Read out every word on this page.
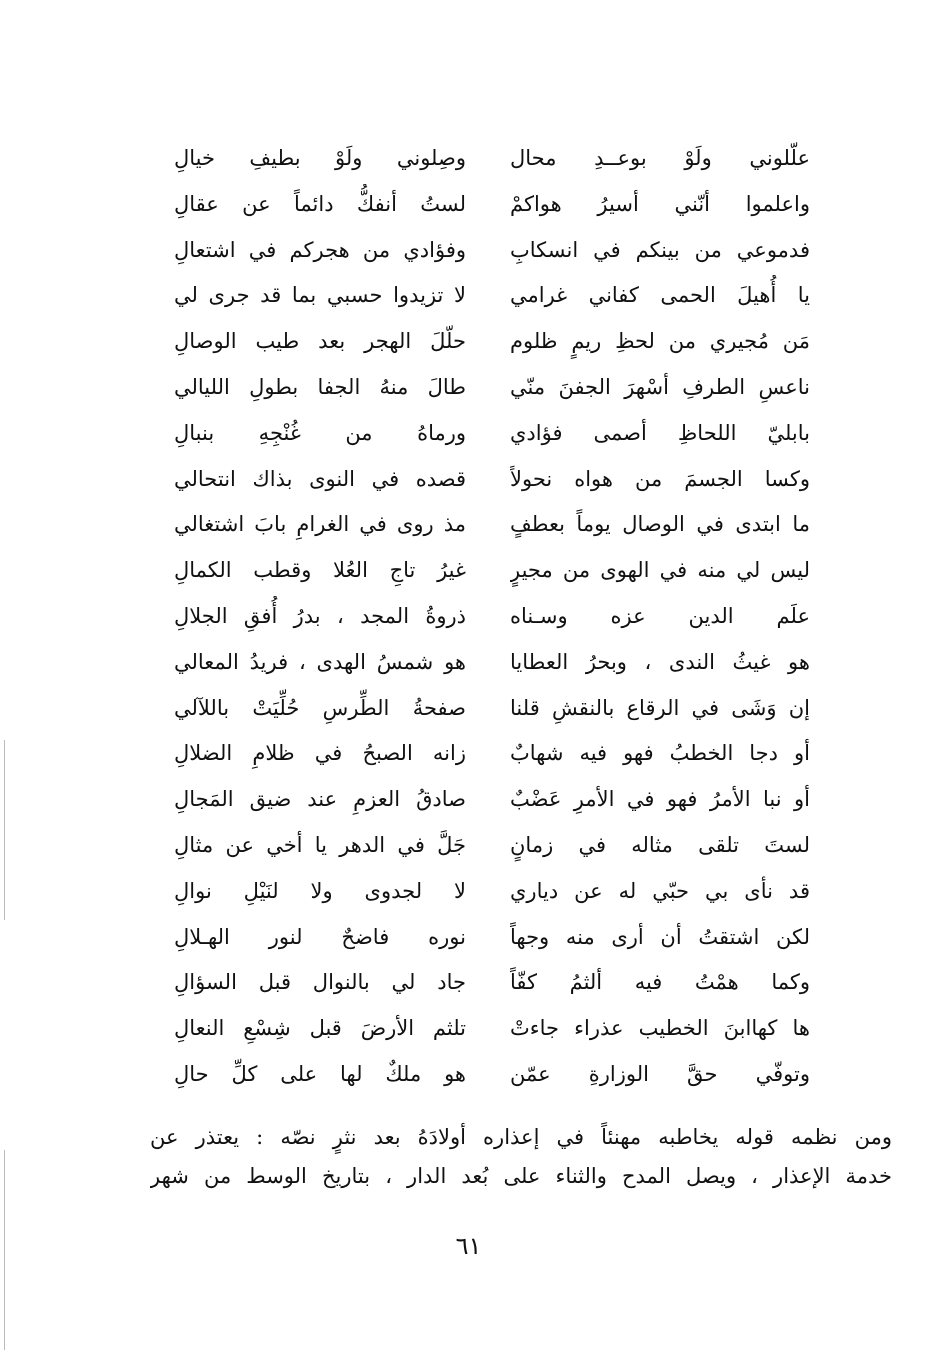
علّلوني ولَوْ بوعــدِ محال
وصِلوني ولَوْ بطيفِ خيالِ
واعلموا أنّني أسيرُ هواكمْ
لستُ أنفكُّ دائماً عن عقالِ
فدموعي من بينكم في انسكابِ
وفؤادي من هجركم في اشتعالِ
يا أُهيلَ الحمى كفاني غرامي
لا تزيدوا حسبي بما قد جرى لي
مَن مُجيري من لحظِ ريمٍ ظلوم
حلّلَ الهجر بعد طيب الوصالِ
ناعسِ الطرفِ أسْهرَ الجفنَ منّي
طالَ منهُ الجفا بطولِ الليالي
بابليّ اللحاظِ أصمى فؤادي
ورماهُ من غُنْجِهِ بنبالِ
وكسا الجسمَ من هواه نحولاً
قصده في النوى بذاك انتحالي
ما ابتدى في الوصال يوماً بعطفٍ
مذ روى في الغرامِ بابَ اشتغالي
ليس لي منه في الهوى من مجيرٍ
غيرُ تاجِ العُلا وقطب الكمالِ
علَم الدين عزه وسـناه
ذروةُ المجد ، بدرُ أُفقِ الجلالِ
هو غيثُ الندى ، وبحرُ العطايا
هو شمسُ الهدى ، فريدُ المعالي
إن وَشَى في الرقاع بالنقشِ قلنا
صفحةُ الطِّرسِ حُلِّيَتْ باللآلي
أو دجا الخطبُ فهو فيه شهابٌ
زانه الصبحُ في ظلامِ الضلالِ
أو نبا الأمرُ فهو في الأمرِ عَضْبٌ
صادقُ العزمِ عند ضيق المَجالِ
لستَ تلقى مثاله في زمانٍ
جَلَّ في الدهر يا أخي عن مثالِ
قد نأى بي حبّي له عن دياري
لا لجدوى ولا لنَيْلِ نوالِ
لكن اشتقتُ أن أرى منه وجهاً
نوره فاضحٌ لنور الهـلالِ
وكما همْتُ فيه ألثمُ كفّاً
جاد لي بالنوال قبل السؤالِ
ها كهاابنَ الخطيب عذراء جاءتْ
تلثم الأرضَ قبل شِسْعِ النعالِ
وتوفّي حقَّ الوزارةِ عمّن
هو ملكٌ لها على كلِّ حالِ
ومن نظمه قوله يخاطبه مهنئاً في إعذاره أولادَهُ بعد نثرٍ نصّه : يعتذر عن
خدمة الإعذار ، ويصل المدح والثناء على بُعد الدار ، بتاريخ الوسط من شهر
٦١
